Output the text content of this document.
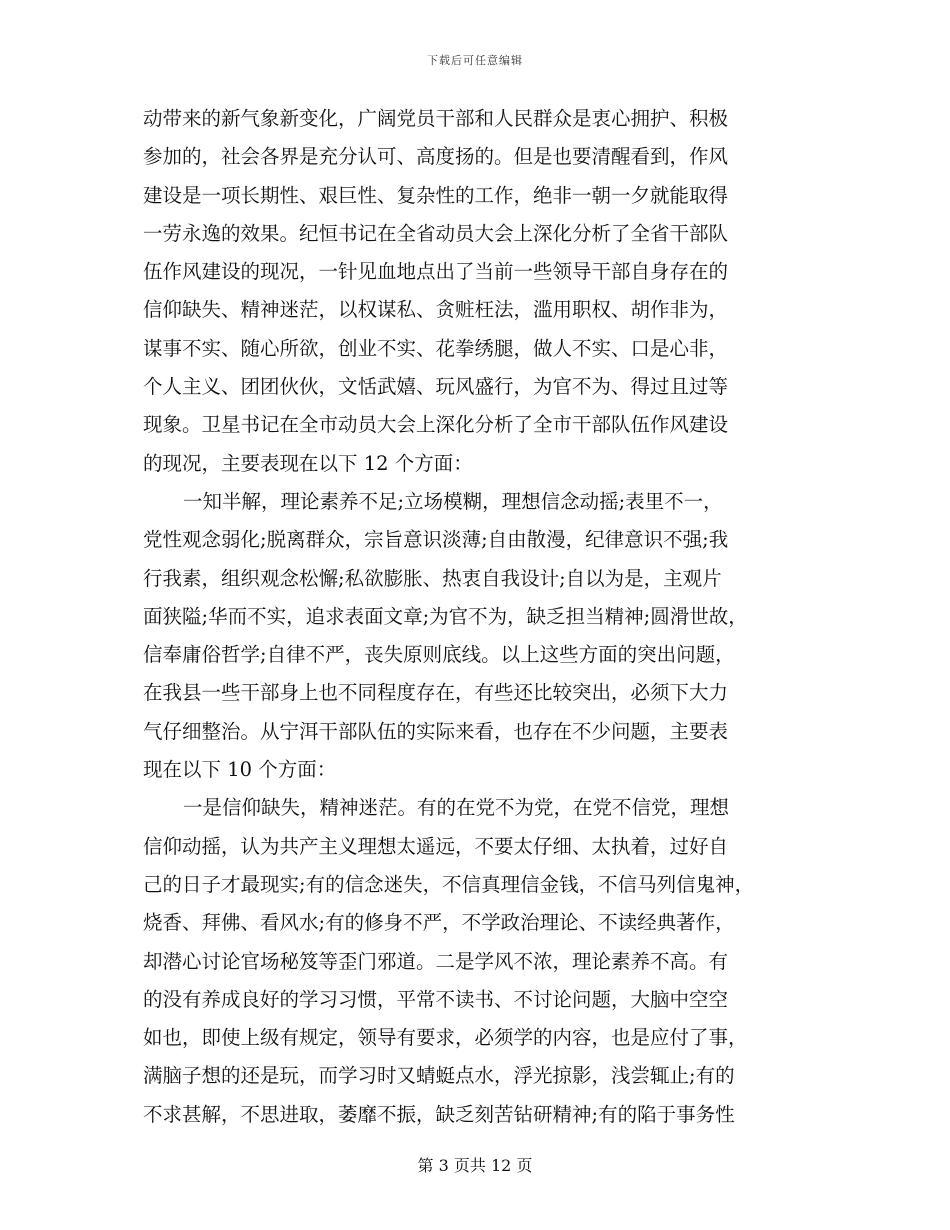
下载后可任意编辑
动带来的新气象新变化，广阔党员干部和人民群众是衷心拥护、积极
参加的，社会各界是充分认可、高度扬的。但是也要清醒看到，作风
建设是一项长期性、艰巨性、复杂性的工作，绝非一朝一夕就能取得
一劳永逸的效果。纪恒书记在全省动员大会上深化分析了全省干部队
伍作风建设的现况，一针见血地点出了当前一些领导干部自身存在的
信仰缺失、精神迷茫，以权谋私、贪赃枉法，滥用职权、胡作非为，
谋事不实、随心所欲，创业不实、花拳绣腿，做人不实、口是心非，
个人主义、团团伙伙，文恬武嬉、玩风盛行，为官不为、得过且过等
现象。卫星书记在全市动员大会上深化分析了全市干部队伍作风建设
的现况，主要表现在以下 12 个方面：
一知半解，理论素养不足;立场模糊，理想信念动摇;表里不一，
党性观念弱化;脱离群众，宗旨意识淡薄;自由散漫，纪律意识不强;我
行我素，组织观念松懈;私欲膨胀、热衷自我设计;自以为是，主观片
面狭隘;华而不实，追求表面文章;为官不为，缺乏担当精神;圆滑世故，
信奉庸俗哲学;自律不严，丧失原则底线。以上这些方面的突出问题，
在我县一些干部身上也不同程度存在，有些还比较突出，必须下大力
气仔细整治。从宁洱干部队伍的实际来看，也存在不少问题，主要表
现在以下 10 个方面：
一是信仰缺失，精神迷茫。有的在党不为党，在党不信党，理想
信仰动摇，认为共产主义理想太遥远，不要太仔细、太执着，过好自
己的日子才最现实;有的信念迷失，不信真理信金钱，不信马列信鬼神，
烧香、拜佛、看风水;有的修身不严，不学政治理论、不读经典著作，
却潜心讨论官场秘笈等歪门邪道。二是学风不浓，理论素养不高。有
的没有养成良好的学习习惯，平常不读书、不讨论问题，大脑中空空
如也，即使上级有规定，领导有要求，必须学的内容，也是应付了事，
满脑子想的还是玩，而学习时又蜻蜓点水，浮光掠影，浅尝辄止;有的
不求甚解，不思进取，萎靡不振，缺乏刻苦钻研精神;有的陷于事务性
第 3 页共 12 页
